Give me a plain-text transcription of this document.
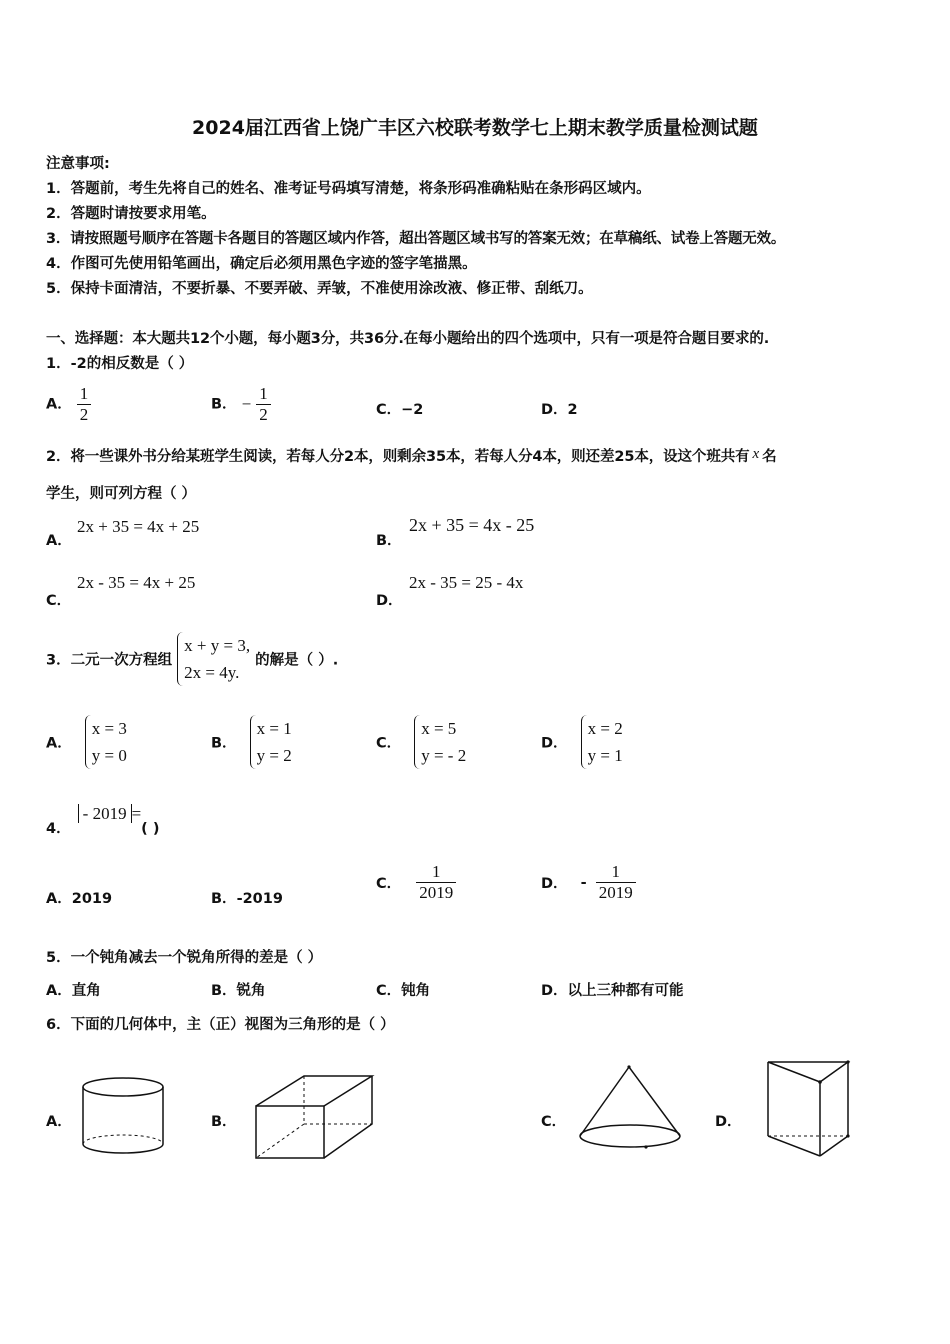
2024届江西省上饶广丰区六校联考数学七上期末教学质量检测试题
注意事项:
1．答题前，考生先将自己的姓名、准考证号码填写清楚，将条形码准确粘贴在条形码区域内。
2．答题时请按要求用笔。
3．请按照题号顺序在答题卡各题目的答题区域内作答，超出答题区域书写的答案无效；在草稿纸、试卷上答题无效。
4．作图可先使用铅笔画出，确定后必须用黑色字迹的签字笔描黑。
5．保持卡面清洁，不要折暴、不要弄破、弄皱，不准使用涂改液、修正带、刮纸刀。
一、选择题：本大题共12个小题，每小题3分，共36分.在每小题给出的四个选项中，只有一项是符合题目要求的.
1．-2的相反数是（ ）
A． $\frac{1}{2}$	B． − $\frac{1}{2}$	C．−2	D．2
2．将一些课外书分给某班学生阅读，若每人分2本，则剩余35本，若每人分4本，则还差25本，设这个班共有 x 名
学生，则可列方程（ ）
A．
2x + 35 = 4x + 25
B．
2x + 35 = 4x - 25
C．
2x - 35 = 4x + 25
D．
2x - 35 = 25 - 4x
3．二元一次方程组
x + y = 3,
2x = 4y.
的解是（ ）.
A．
x = 3
y = 0
B．
x = 1
y = 2
C．
x = 5
y = - 2
D．
x = 2
y = 1
4． - 2019 =( )
A．2019	B．-2019
C． $\frac{1}{2019}$	D． - $\frac{1}{2019}$
5．一个钝角减去一个锐角所得的差是（ ）
A．直角	B．锐角	C．钝角	D．以上三种都有可能
6．下面的几何体中，主（正）视图为三角形的是（ ）
A．	B．	C．	D．
